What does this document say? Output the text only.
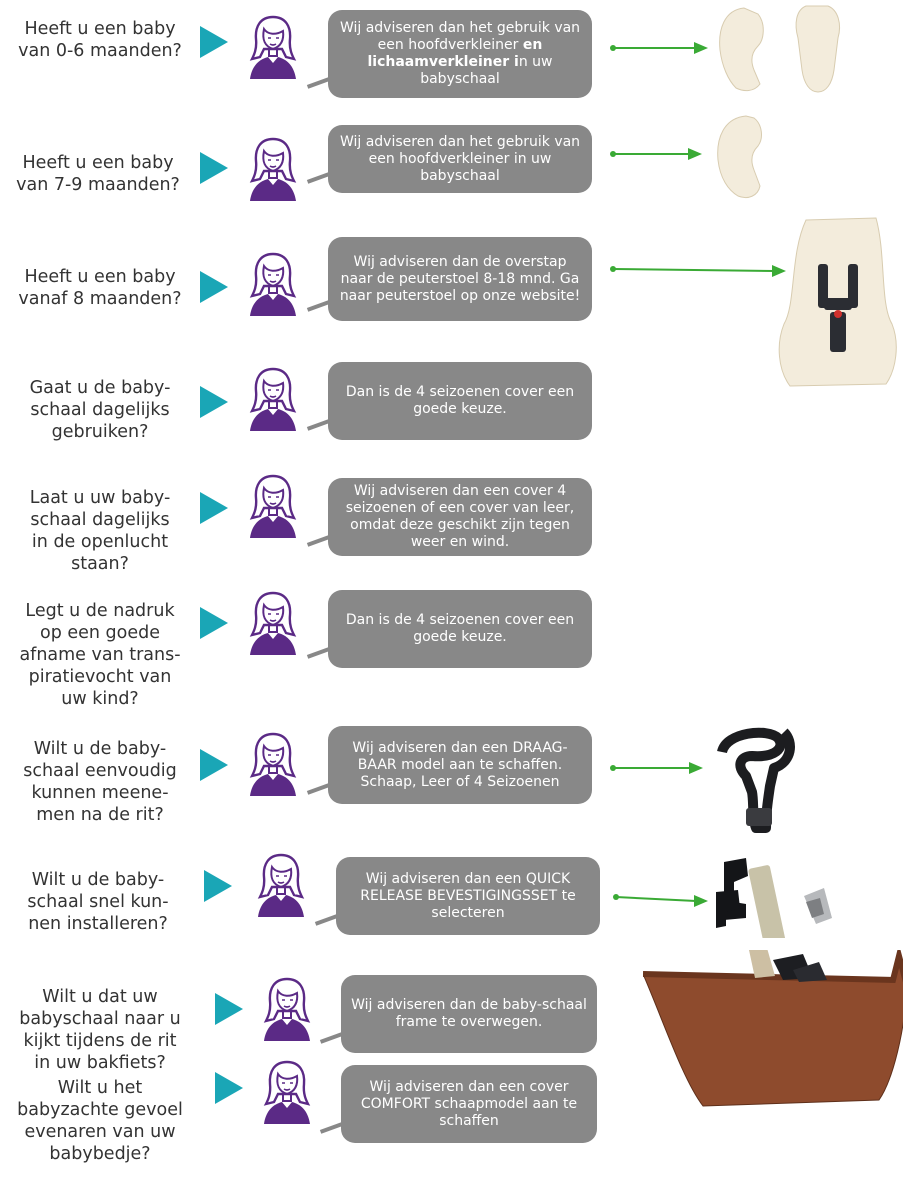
Heeft u een baby
van 0-6 maanden?
Wij adviseren dan het gebruik van een hoofdverkleiner en lichaamverkleiner in uw babyschaal
Heeft u een baby
van 7-9 maanden?
Wij adviseren dan het gebruik van een hoofdverkleiner in uw babyschaal
Heeft u een baby
vanaf 8 maanden?
Wij adviseren dan de overstap naar de peuterstoel 8-18 mnd. Ga naar peuterstoel op onze website!
Gaat u de baby-
schaal dagelijks
gebruiken?
Dan is de 4 seizoenen cover een goede keuze.
Laat u uw baby-
schaal dagelijks
in de openlucht
staan?
Wij adviseren dan een cover 4 seizoenen of een cover van leer, omdat deze geschikt zijn tegen weer en wind.
Legt u de nadruk
op een goede
afname van trans-
piratievocht van
uw kind?
Dan is de 4 seizoenen cover een goede keuze.
Wilt u de baby-
schaal eenvoudig
kunnen meene-
men na de rit?
Wij adviseren dan een DRAAG-BAAR model aan te schaffen. Schaap, Leer of 4 Seizoenen
Wilt u de baby-
schaal snel kun-
nen installeren?
Wij adviseren dan een QUICK RELEASE BEVESTIGINGSSET te selecteren
Wilt u dat uw
babyschaal naar u
kijkt tijdens de rit
in uw bakfiets?
Wij adviseren dan de baby-schaal frame te overwegen.
Wilt u het
babyzachte gevoel
evenaren van uw
babybedje?
Wij adviseren dan een cover COMFORT schaapmodel aan te schaffen
